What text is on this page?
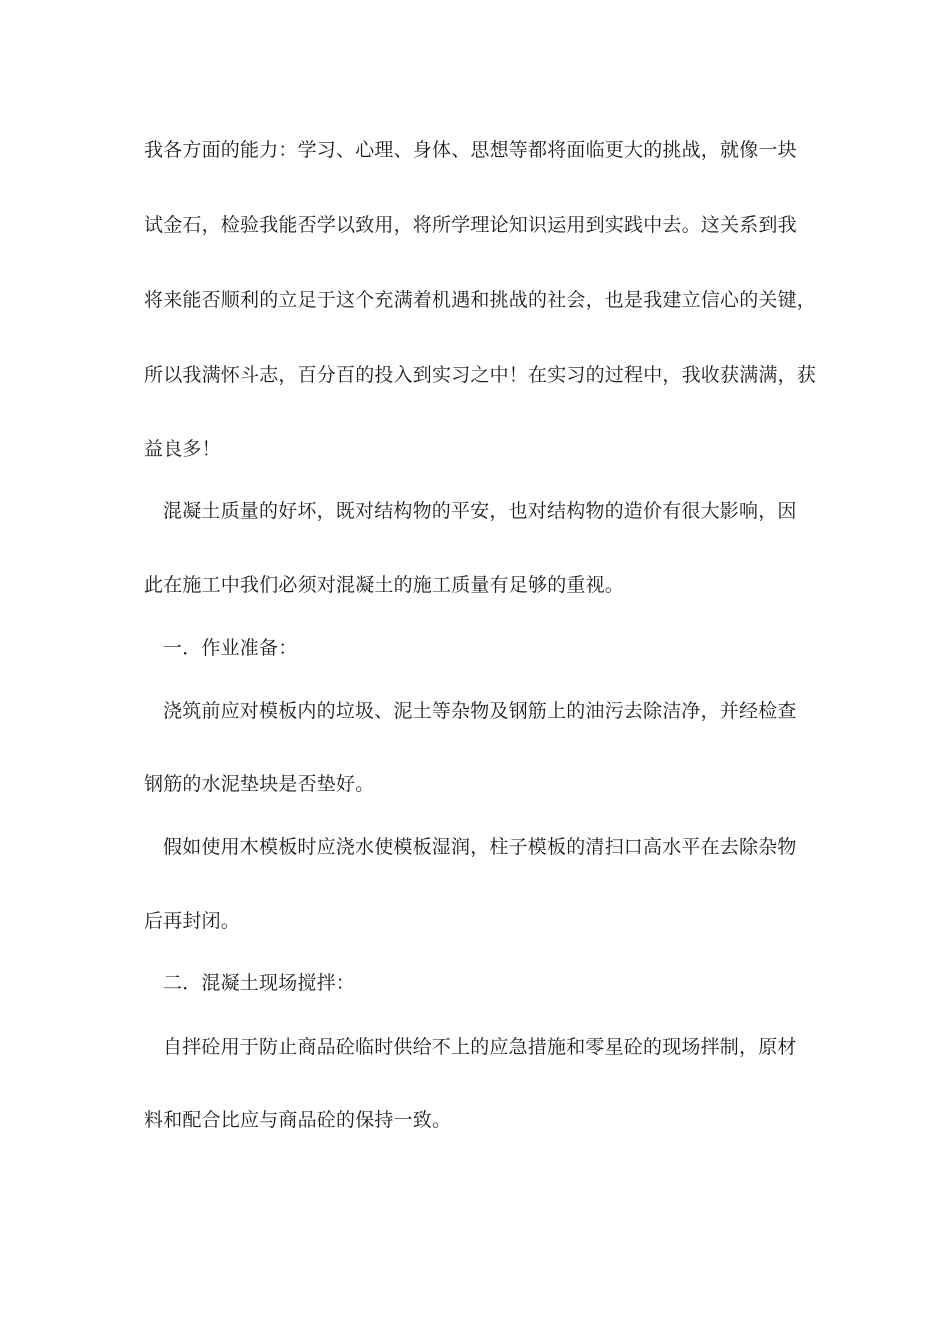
我各方面的能力：学习、心理、身体、思想等都将面临更大的挑战，就像一块
试金石，检验我能否学以致用，将所学理论知识运用到实践中去。这关系到我
将来能否顺利的立足于这个充满着机遇和挑战的社会，也是我建立信心的关键，
所以我满怀斗志，百分百的投入到实习之中！在实习的过程中，我收获满满，获
益良多！
混凝土质量的好坏，既对结构物的平安，也对结构物的造价有很大影响，因
此在施工中我们必须对混凝土的施工质量有足够的重视。
一．作业准备：
浇筑前应对模板内的垃圾、泥土等杂物及钢筋上的油污去除洁净，并经检查
钢筋的水泥垫块是否垫好。
假如使用木模板时应浇水使模板湿润，柱子模板的清扫口高水平在去除杂物
后再封闭。
二．混凝土现场搅拌：
自拌砼用于防止商品砼临时供给不上的应急措施和零星砼的现场拌制，原材
料和配合比应与商品砼的保持一致。
